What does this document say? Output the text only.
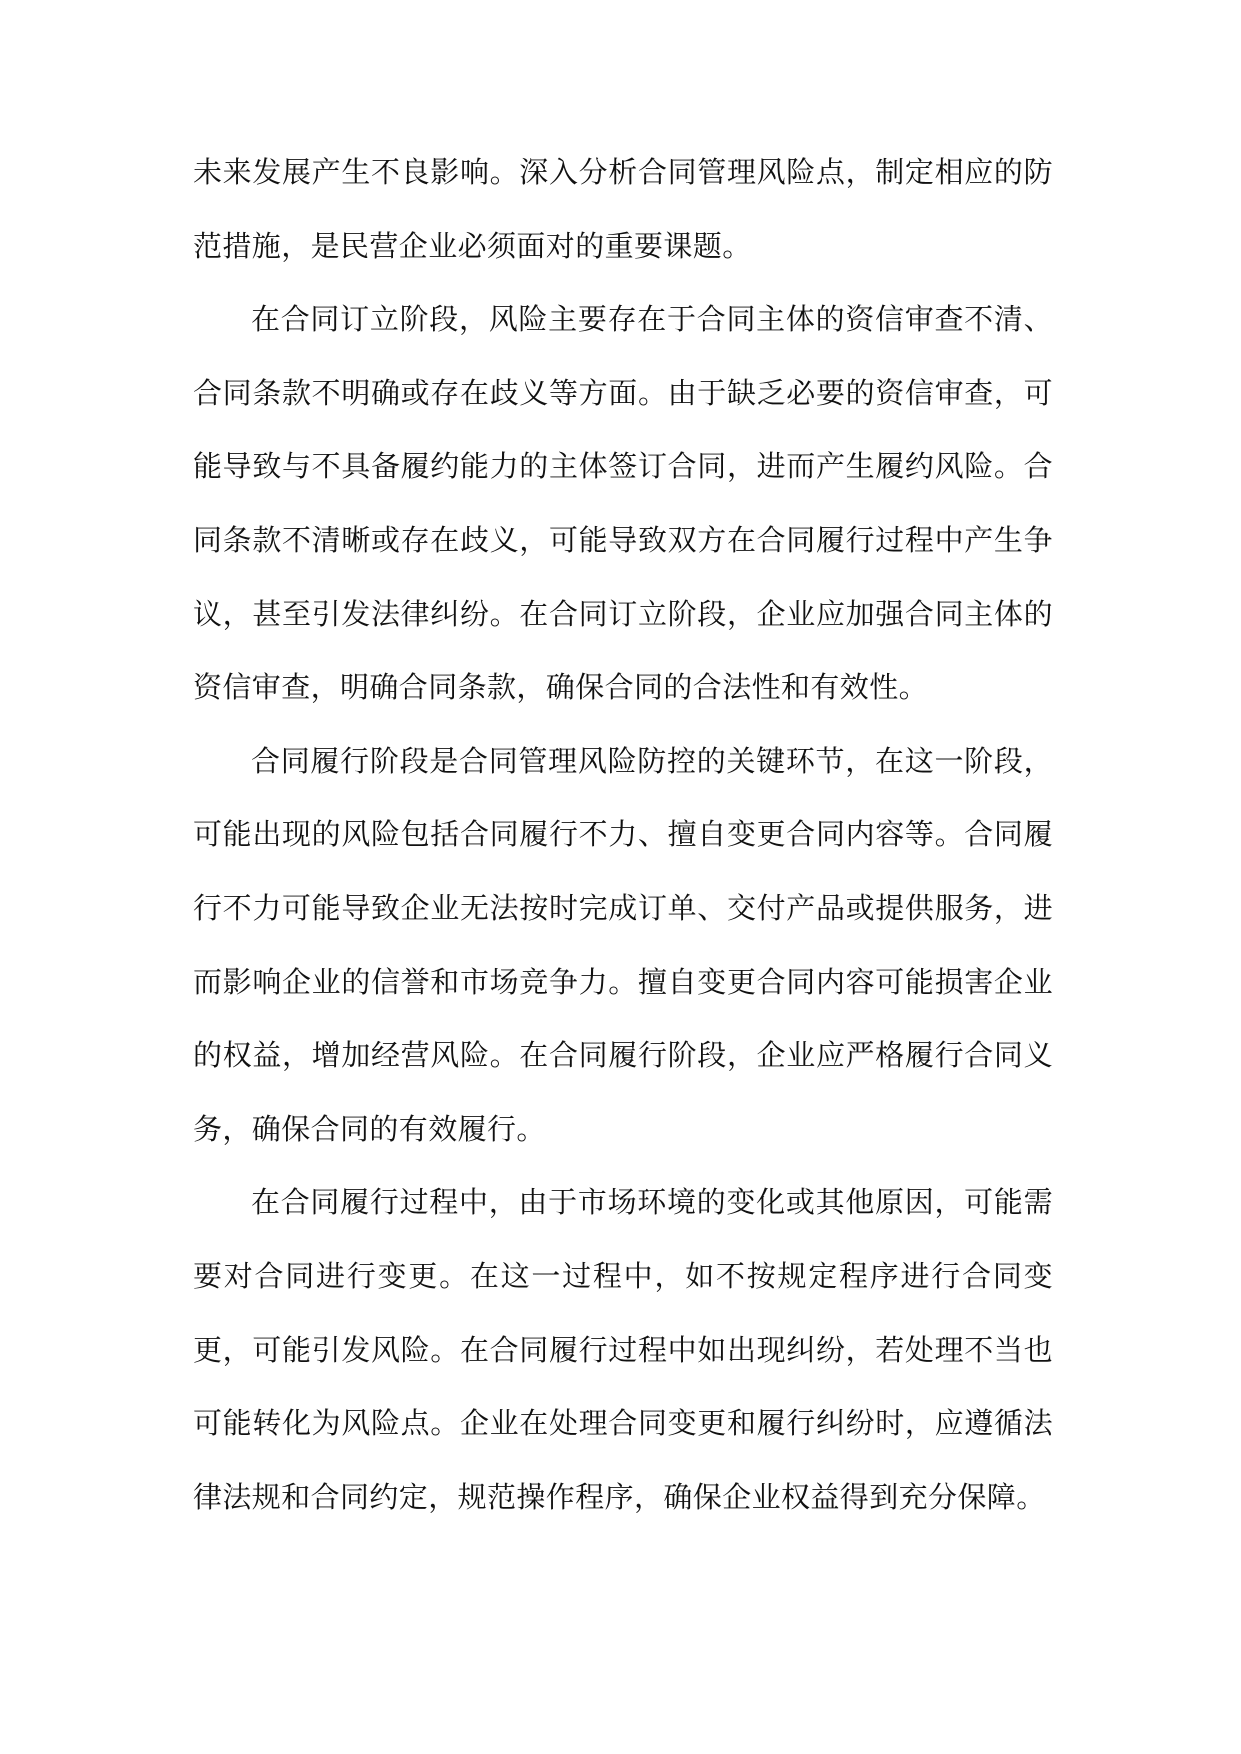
未来发展产生不良影响。深入分析合同管理风险点，制定相应的防范措施，是民营企业必须面对的重要课题。

在合同订立阶段，风险主要存在于合同主体的资信审查不清、合同条款不明确或存在歧义等方面。由于缺乏必要的资信审查，可能导致与不具备履约能力的主体签订合同，进而产生履约风险。合同条款不清晰或存在歧义，可能导致双方在合同履行过程中产生争议，甚至引发法律纠纷。在合同订立阶段，企业应加强合同主体的资信审查，明确合同条款，确保合同的合法性和有效性。

合同履行阶段是合同管理风险防控的关键环节，在这一阶段，可能出现的风险包括合同履行不力、擅自变更合同内容等。合同履行不力可能导致企业无法按时完成订单、交付产品或提供服务，进而影响企业的信誉和市场竞争力。擅自变更合同内容可能损害企业的权益，增加经营风险。在合同履行阶段，企业应严格履行合同义务，确保合同的有效履行。

在合同履行过程中，由于市场环境的变化或其他原因，可能需要对合同进行变更。在这一过程中，如不按规定程序进行合同变更，可能引发风险。在合同履行过程中如出现纠纷，若处理不当也可能转化为风险点。企业在处理合同变更和履行纠纷时，应遵循法律法规和合同约定，规范操作程序，确保企业权益得到充分保障。
